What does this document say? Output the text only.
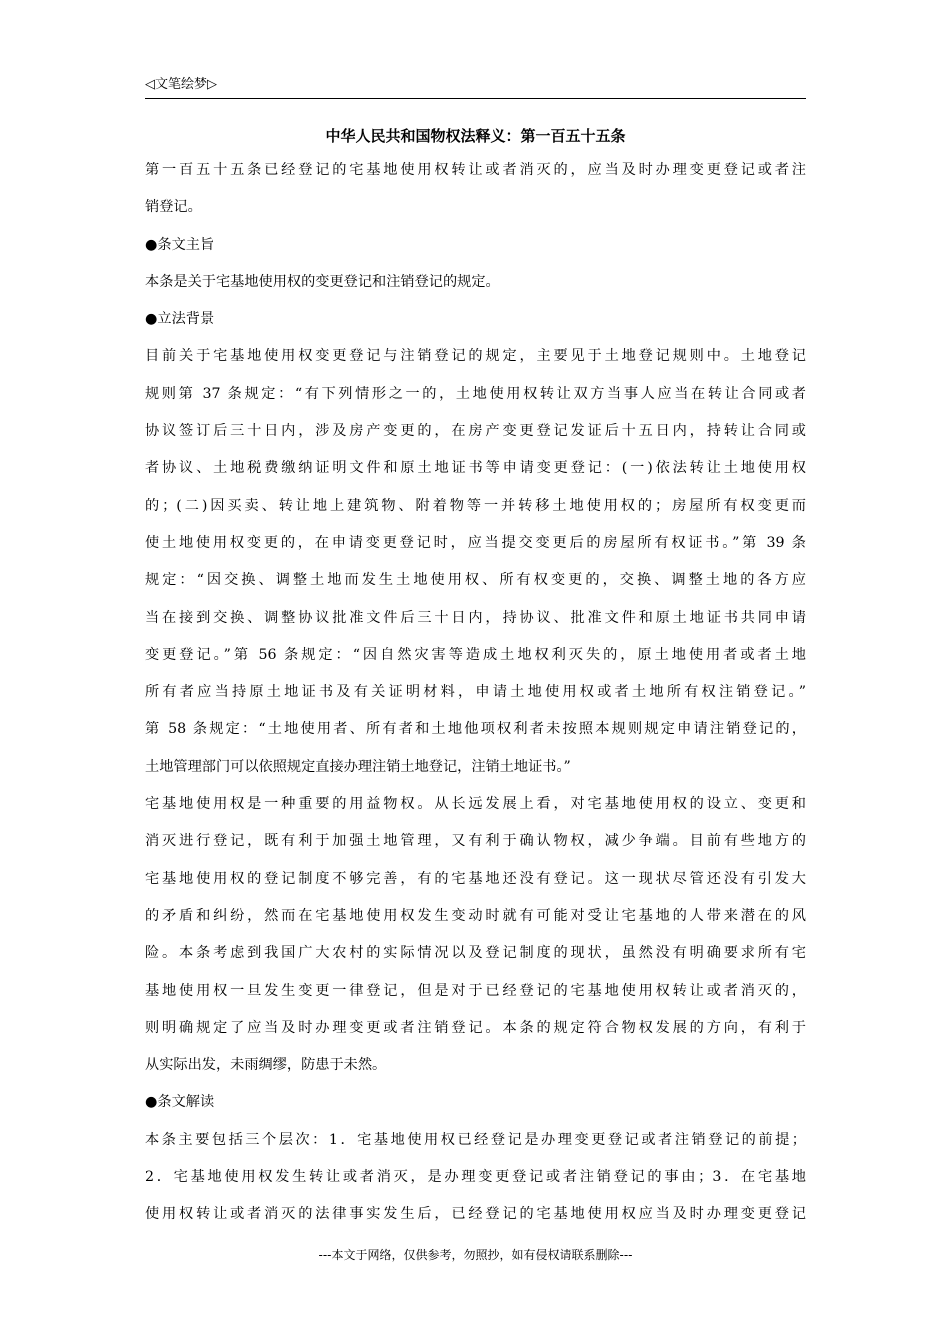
◁文笔绘梦▷
中华人民共和国物权法释义：第一百五十五条
第一百五十五条已经登记的宅基地使用权转让或者消灭的，应当及时办理变更登记或者注
销登记。
●条文主旨
本条是关于宅基地使用权的变更登记和注销登记的规定。
●立法背景
目前关于宅基地使用权变更登记与注销登记的规定，主要见于土地登记规则中。土地登记
规则第 37 条规定：“有下列情形之一的，土地使用权转让双方当事人应当在转让合同或者
协议签订后三十日内，涉及房产变更的，在房产变更登记发证后十五日内，持转让合同或
者协议、土地税费缴纳证明文件和原土地证书等申请变更登记：(一)依法转让土地使用权
的；(二)因买卖、转让地上建筑物、附着物等一并转移土地使用权的；房屋所有权变更而
使土地使用权变更的，在申请变更登记时，应当提交变更后的房屋所有权证书。”第 39 条
规定：“因交换、调整土地而发生土地使用权、所有权变更的，交换、调整土地的各方应
当在接到交换、调整协议批准文件后三十日内，持协议、批准文件和原土地证书共同申请
变更登记。”第 56 条规定：“因自然灾害等造成土地权利灭失的，原土地使用者或者土地
所有者应当持原土地证书及有关证明材料，申请土地使用权或者土地所有权注销登记。”
第 58 条规定：“土地使用者、所有者和土地他项权利者未按照本规则规定申请注销登记的，
土地管理部门可以依照规定直接办理注销土地登记，注销土地证书。”
宅基地使用权是一种重要的用益物权。从长远发展上看，对宅基地使用权的设立、变更和
消灭进行登记，既有利于加强土地管理，又有利于确认物权，减少争端。目前有些地方的
宅基地使用权的登记制度不够完善，有的宅基地还没有登记。这一现状尽管还没有引发大
的矛盾和纠纷，然而在宅基地使用权发生变动时就有可能对受让宅基地的人带来潜在的风
险。本条考虑到我国广大农村的实际情况以及登记制度的现状，虽然没有明确要求所有宅
基地使用权一旦发生变更一律登记，但是对于已经登记的宅基地使用权转让或者消灭的，
则明确规定了应当及时办理变更或者注销登记。本条的规定符合物权发展的方向，有利于
从实际出发，未雨绸缪，防患于未然。
●条文解读
本条主要包括三个层次：1．宅基地使用权已经登记是办理变更登记或者注销登记的前提；
2．宅基地使用权发生转让或者消灭，是办理变更登记或者注销登记的事由；3．在宅基地
使用权转让或者消灭的法律事实发生后，已经登记的宅基地使用权应当及时办理变更登记
---本文于网络，仅供参考，勿照抄，如有侵权请联系删除---
